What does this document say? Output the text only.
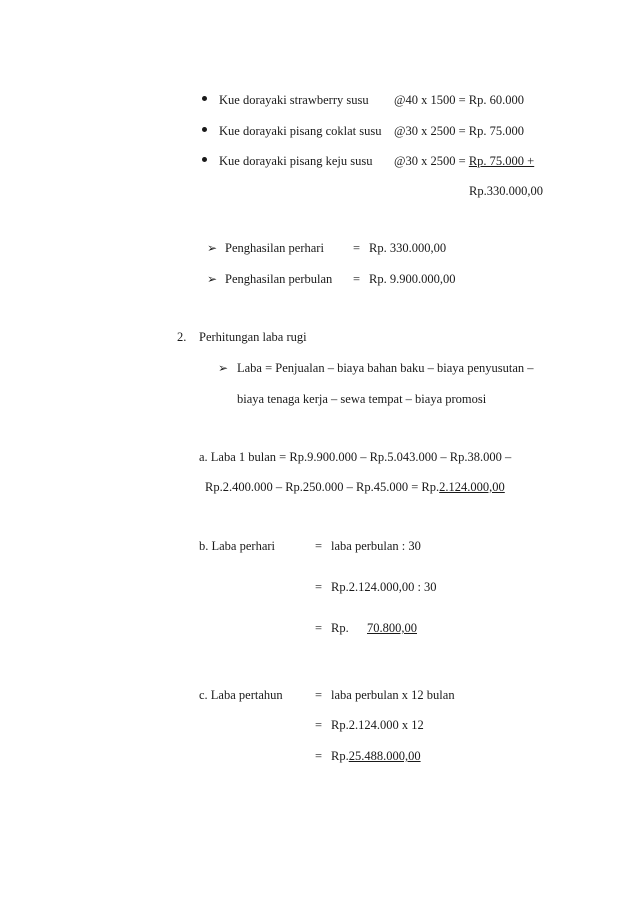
Kue dorayaki strawberry susu @40 x 1500 = Rp. 60.000
Kue dorayaki pisang coklat susu @30 x 2500 = Rp. 75.000
Kue dorayaki pisang keju susu @30 x 2500 = Rp. 75.000 +
Rp.330.000,00
➢ Penghasilan perhari = Rp. 330.000,00
➢ Penghasilan perbulan = Rp. 9.900.000,00
2. Perhitungan laba rugi
➢ Laba = Penjualan – biaya bahan baku – biaya penyusutan –
biaya tenaga kerja – sewa tempat – biaya promosi
a. Laba 1 bulan = Rp.9.900.000 – Rp.5.043.000 – Rp.38.000 –
Rp.2.400.000 – Rp.250.000 – Rp.45.000 = Rp.2.124.000,00
b. Laba perhari	= laba perbulan : 30
= Rp.2.124.000,00 : 30
= Rp. 70.800,00
c. Laba pertahun	= laba perbulan x 12 bulan
= Rp.2.124.000 x 12
= Rp.25.488.000,00
